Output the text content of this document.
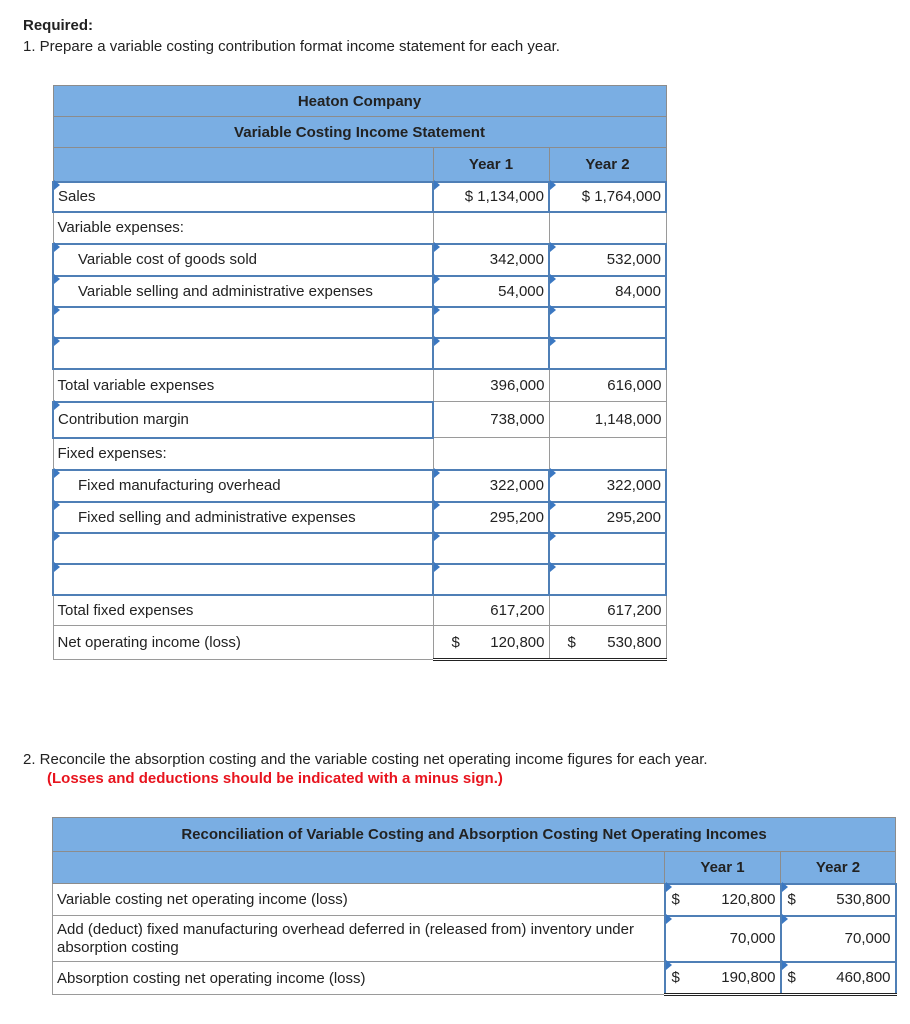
Required:
1. Prepare a variable costing contribution format income statement for each year.
Heaton Company		
Variable Costing Income Statement		
	Year 1	Year 2
Sales	$ 1,134,000	$ 1,764,000
Variable expenses:		
Variable cost of goods sold	342,000	532,000
Variable selling and administrative expenses	54,000	84,000

Total variable expenses	396,000	616,000
Contribution margin	738,000	1,148,000
Fixed expenses:		
Fixed manufacturing overhead	322,000	322,000
Fixed selling and administrative expenses	295,200	295,200

Total fixed expenses	617,200	617,200
Net operating income (loss)	$ 120,800	$ 530,800
2. Reconcile the absorption costing and the variable costing net operating income figures for each year.
(Losses and deductions should be indicated with a minus sign.)
Reconciliation of Variable Costing and Absorption Costing Net Operating Incomes		
	Year 1	Year 2
Variable costing net operating income (loss)	$ 120,800	$ 530,800
Add (deduct) fixed manufacturing overhead deferred in (released from) inventory under absorption costing	70,000	70,000
Absorption costing net operating income (loss)	$ 190,800	$ 460,800
